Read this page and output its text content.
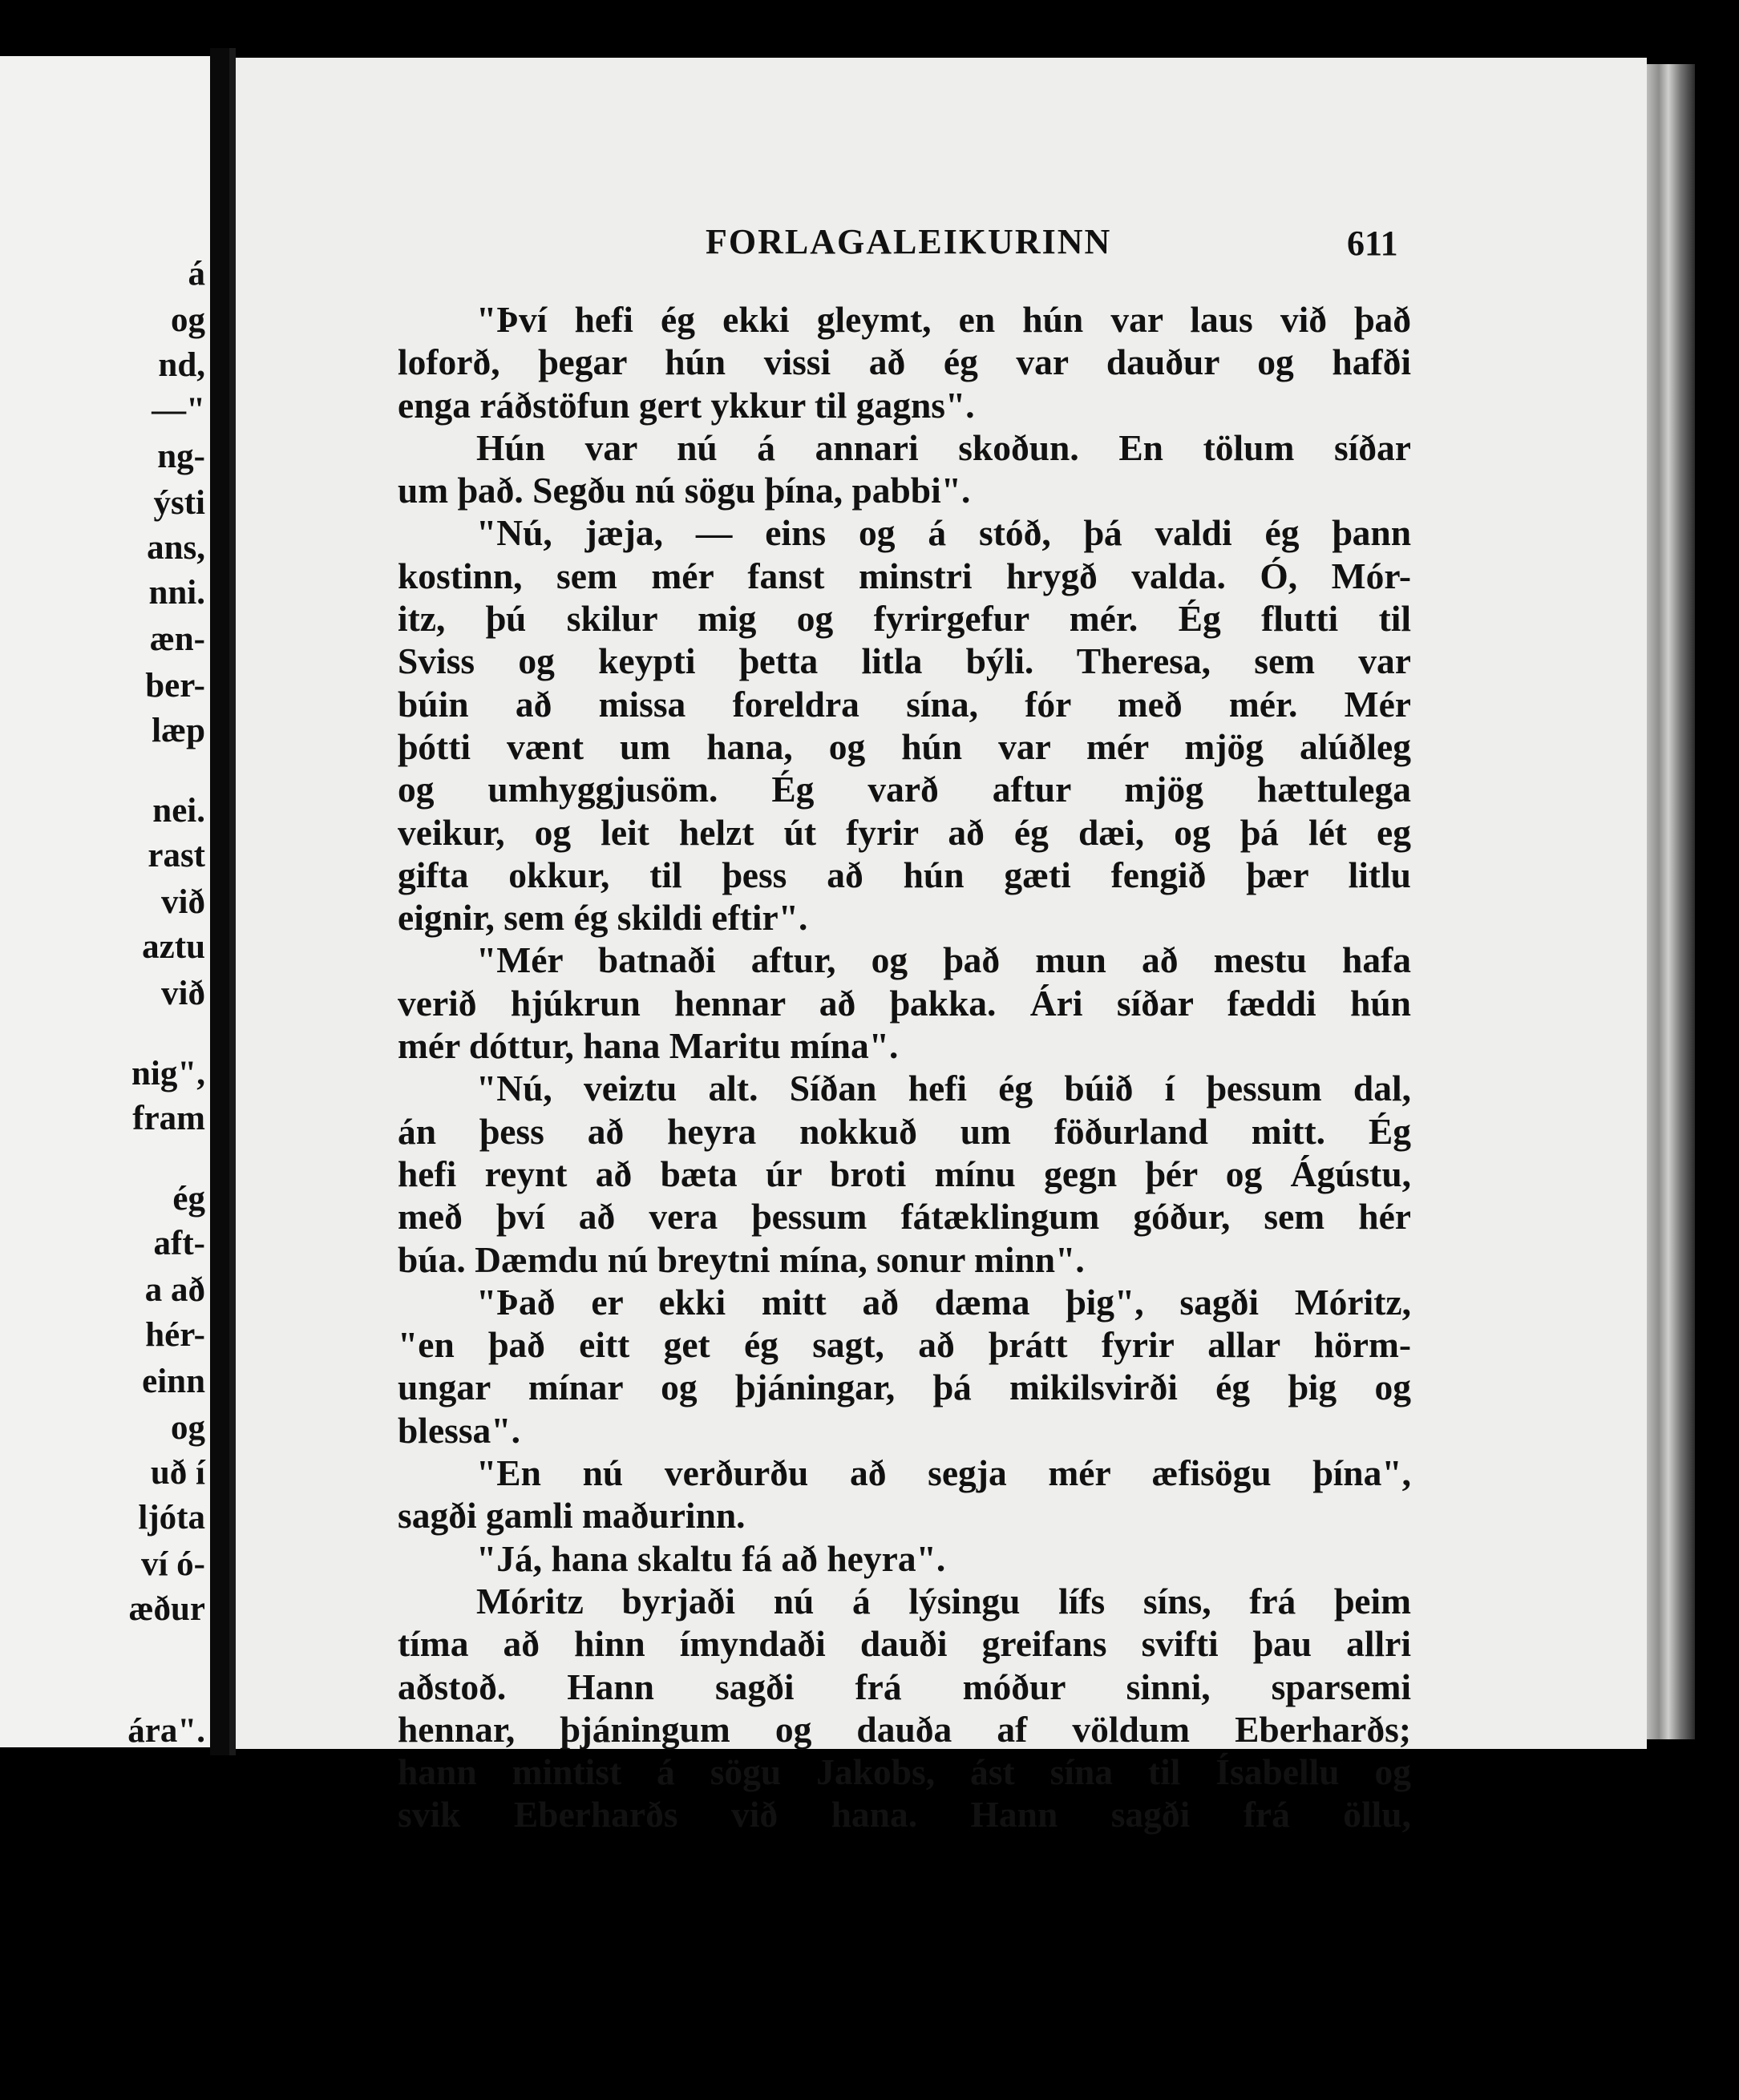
á
og
nd,
—"
ng-
ýsti
ans,
nni.
æn-
ber-
læp
nei.
rast
við
aztu
við
nig",
fram
ég
aft-
a að
hér-
einn
og
uð í
ljóta
ví ó-
æður
ára".
FORLAGALEIKURINN	611
"Því hefi ég ekki gleymt, en hún var laus við það
loforð, þegar hún vissi að ég var dauður og hafði
enga ráðstöfun gert ykkur til gagns".
Hún var nú á annari skoðun. En tölum síðar
um það. Segðu nú sögu þína, pabbi".
"Nú, jæja, — eins og á stóð, þá valdi ég þann
kostinn, sem mér fanst minstri hrygð valda. Ó, Mór-
itz, þú skilur mig og fyrirgefur mér. Ég flutti til
Sviss og keypti þetta litla býli. Theresa, sem var
búin að missa foreldra sína, fór með mér. Mér
þótti vænt um hana, og hún var mér mjög alúðleg
og umhyggjusöm. Ég varð aftur mjög hættulega
veikur, og leit helzt út fyrir að ég dæi, og þá lét eg
gifta okkur, til þess að hún gæti fengið þær litlu
eignir, sem ég skildi eftir".
"Mér batnaði aftur, og það mun að mestu hafa
verið hjúkrun hennar að þakka. Ári síðar fæddi hún
mér dóttur, hana Maritu mína".
"Nú, veiztu alt. Síðan hefi ég búið í þessum dal,
án þess að heyra nokkuð um föðurland mitt. Ég
hefi reynt að bæta úr broti mínu gegn þér og Ágústu,
með því að vera þessum fátæklingum góður, sem hér
búa. Dæmdu nú breytni mína, sonur minn".
"Það er ekki mitt að dæma þig", sagði Móritz,
"en það eitt get ég sagt, að þrátt fyrir allar hörm-
ungar mínar og þjáningar, þá mikilsvirði ég þig og
blessa".
"En nú verðurðu að segja mér æfisögu þína",
sagði gamli maðurinn.
"Já, hana skaltu fá að heyra".
Móritz byrjaði nú á lýsingu lífs síns, frá þeim
tíma að hinn ímyndaði dauði greifans svifti þau allri
aðstoð. Hann sagði frá móður sinni, sparsemi
hennar, þjáningum og dauða af völdum Eberharðs;
hann mintist á sögu Jakobs, ást sína til Ísabellu og
svik Eberharðs við hana. Hann sagði frá öllu,
